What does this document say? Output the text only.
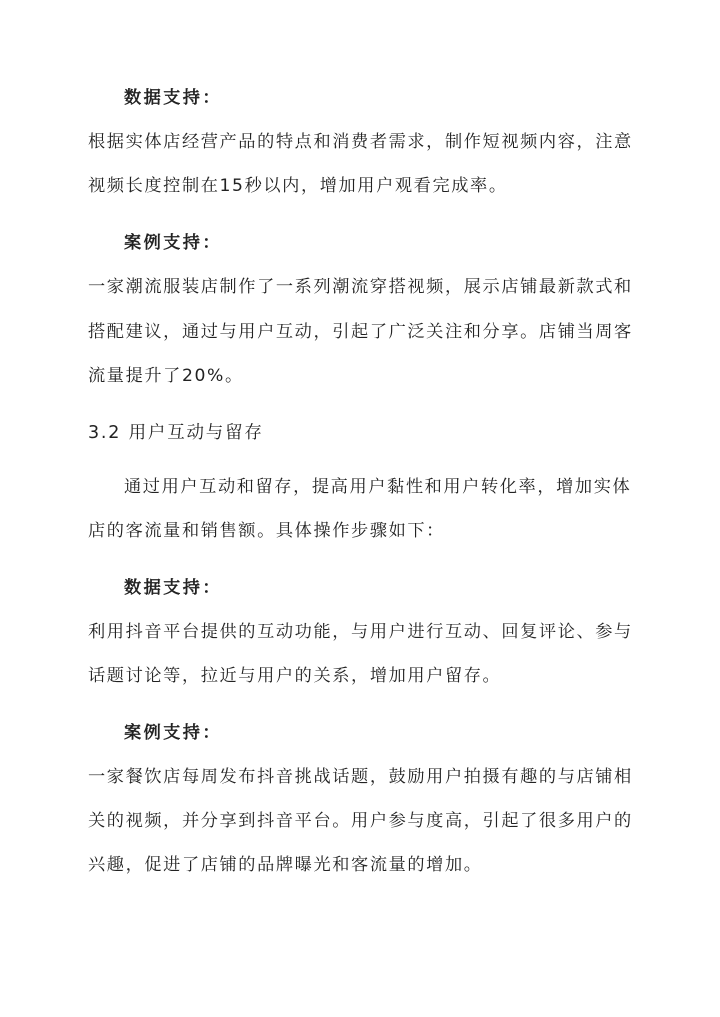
数据支持：
根据实体店经营产品的特点和消费者需求，制作短视频内容，注意
视频长度控制在15秒以内，增加用户观看完成率。
案例支持：
一家潮流服装店制作了一系列潮流穿搭视频，展示店铺最新款式和
搭配建议，通过与用户互动，引起了广泛关注和分享。店铺当周客
流量提升了20%。
3.2 用户互动与留存
通过用户互动和留存，提高用户黏性和用户转化率，增加实体
店的客流量和销售额。具体操作步骤如下：
数据支持：
利用抖音平台提供的互动功能，与用户进行互动、回复评论、参与
话题讨论等，拉近与用户的关系，增加用户留存。
案例支持：
一家餐饮店每周发布抖音挑战话题，鼓励用户拍摄有趣的与店铺相
关的视频，并分享到抖音平台。用户参与度高，引起了很多用户的
兴趣，促进了店铺的品牌曝光和客流量的增加。
